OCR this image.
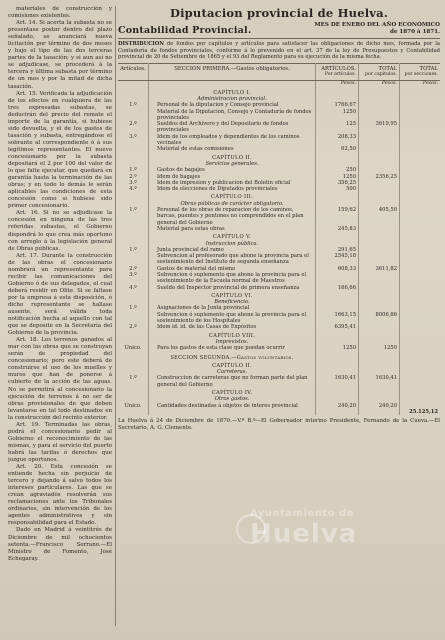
materiales de construcción y comisiones existentes.

Art. 14. Si acerta la subasta no se presentase postor dentro del plazo señalado, se anunciará nueva licitación por término de dos meses y bajo el tipo de las dos terceras partes de la tasación; y si aun así no se adjudicase, se procederá á la tercera y última subasta por término de un mes y por la mitad de dicha tasación.

Art. 15. Verificada la adjudicación de los efectos en cualquiera de las tres expresadas subastas, se deducirán del precio del remate el importe de la garantía, si hubiese sido devuelta, y el de los gastos de tasación y subasta, entregándose el sobrante al correspondiente ó á sus legítimos representantes. El nuevo concesionario por la subasta depositará el 2 por 100 del valor de lo que falte ejecutar, que quedará en garantía hasta la terminación de las obras; y en todo lo demás le serán aplicables las condiciones de esta concesión como si hubiese sido primer concesionario.

Art. 16. Si no se adjudicase la concesión en ninguna de las tres referidas subastas, el Gobierno dispondrá lo que crea más oportuno con arreglo á la legislación general de Obras públicas.

Art. 17. Durante la construcción de las obras el concesionario nombrará un representante para recibir las comunicaciones del Gobierno ó de sus delegados, el cual deberá residir en Olite. Si se faltase por la empresa á esta disposición, ó dicho representante se hallase ausente, será válida toda notificación hecha al aquello con tal que se deposite en la Secretaría del Gobierno de la provincia.

Art. 18. Los terrenos ganados al mar con las obras que se construyan serán de propiedad del concesionario; pero este deberá de construirse el uso de los muelles y muros que han de ponerse á cubierto de la acción de las aguas. No se permitirá al concesionario la ejecución de terrenos á no ser de obras provisionales de que deben levantarse en tal todo destinados en la construcción del recinto exterior.

Art. 19. Terminadas las obras, podrá el concesionario pedir al Gobierno el reconocimiento de las mismas, y para el servicio del puerto habrá las tarifas ó derechos que juzgue oportunos.

Art. 20. Esta concesión se entiende hecha sin perjuicio de tercero y dejando á salvo todos los intereses particulares. Las que se crean agraviados resolverán sus reclamaciones ante los Tribunales ordinarios, sin intervención de los agentes administrativos y sin responsabilidad para el Estado.

Dado en Madrid á veintitrés de Diciembre de mil ochocientos setenta.—Francisco Serrano.—El Ministro de Fomento, José Echegaray.

Diputacion provincial de Huelva.
Contabilidad Provincial.	MES DE ENERO DEL AÑO ECONÓMICO
de 1870 á 1871.
DISTRIBUCION de fondos por capítulos y artículos para satisfacer las obligaciones de dicho mes, formada por la Contaduría de fondos provinciales, conforme á lo prevenido en el art. 37 de la ley de Presupuestos y Contabilidad provincial de 20 de Setiembre de 1865 y el 93 del Reglamento para su ejecución de la misma fecha.
Artículos.	SECCION PRIMERA.—Gastos obligatorios.	ARTÍCULOS.
Por artículos.	TOTAL
por capítulos.	TOTAL
por secciones.

		Pesos.	Pesos.	Pesos.
	CAPÍTULO I.			
	Administracion provincial.			
1.º	Personal de la diputacion y Consejo provincial	1766,67		
	Material de la Diputacion, Consejo y Contaduría de fondos provinciales	1250		
2.º	Sueldos del Archivero y del Depositario de fondos provinciales	125	3619,95	
3.º	Idem de los empleados y dependientes de los caminos vecinales	208,33		
	Material de estas comisiones	62,50		
	CAPÍTULO II.			
	Servicios generales.			
1.º	Gastos de bagajes	250		
2.º	Idem de bagajes	1250	2356,25	
3.º	Idem de impresion y publicacion del Boletin oficial	356,25		
4.º	Idem de elecciones de Diputados provinciales	500		
	CAPÍTULO III.			
	Obras públicas de carácter obligatorio.			
1.º	Personal de los obras de reparacion de los caminos, barcas, puentes y pontones no comprendidos en el plan general del Gobierno	159,62	405,50	
	Material para estas obras	245,83		
	CAPÍTULO V.			
	Instruccion pública.			
1.º	Junta provincial del ramo	291,65		
	Subvencion al profesorado que abone la provincia para el sostenimiento del Instituto de segunda enseñanza	2545,18		
2.º	Gastos de material del mismo	608,33	3611,82	
3.º	Subvencion ó suplemento que abone la provincia para el sostenimiento de la Escuela normal de Maestros			
4.º	Sueldo del Inspector provincial de primera enseñanza	166,66		
	CAPÍTULO VI.			
	Beneficencia.			
1.º	Asignaciones de la Junta provincial			
	Subvencion ó suplemento que abone la provincia para el sostenimiento de los Hospitales	1663,15	8006,86	
2.º	Idem id. id. de las Casas de Expósitos	6395,41		
	CAPÍTULO VIII.			
	Imprevistos.			
Unico.	Para los gastos de esta clase que puedan ocurrir	1250	1250	
	SECCION SEGUNDA.—Gastos voluntarios.			
	CAPÍTULO II.			
	Carreteras.			
1.º	Construccion de carreteras que no forman parte del plan general del Gobierno	1630,41	1630,41	
	CAPÍTULO IV.			
	Otros gastos.			
Unico.	Cantidades destinadas á objetos de interes provincial	240,20	240,20	
				25.125,12
La Huelva á 24 de Diciembre de 1870.—V.º B.º—El Gobernador interino Presidente, Fernando de la Cueva.—El Secretario, A. G. Clemente.
Ayuntamiento de
Huelva
